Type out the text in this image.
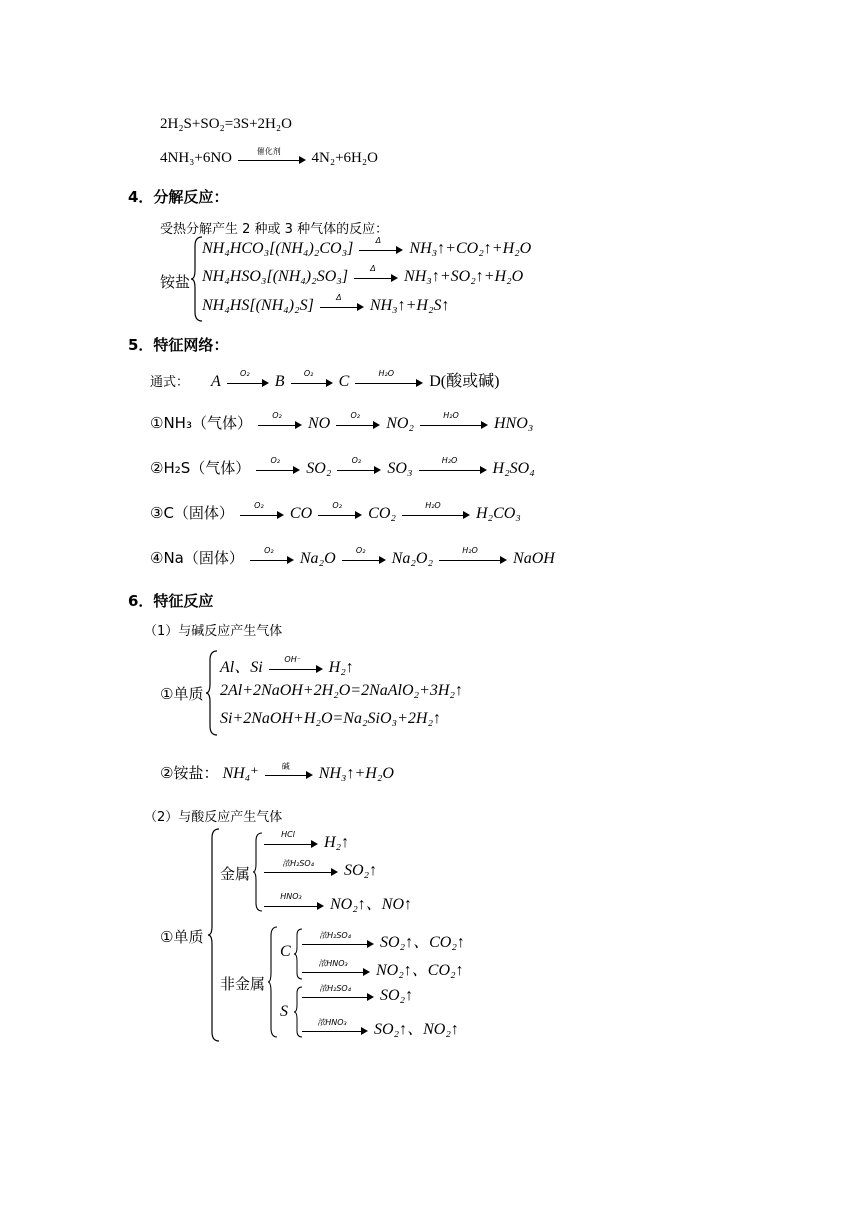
2H₂S+SO₂=3S+2H₂O
4NH₃+6NO	催化剂	4N₂+6H₂O
4．分解反应：
受热分解产生 2 种或 3 种气体的反应：
铵盐
NH₄HCO₃[(NH₄)₂CO₃]	Δ	NH₃↑+CO₂↑+H₂O
NH₄HSO₃[(NH₄)₂SO₃]	Δ	NH₃↑+SO₂↑+H₂O
NH₄HS[(NH₄)₂S]	Δ	NH₃↑+H₂S↑
5．特征网络：
通式： A	O₂	B	O₂	C	H₂O	D(酸或碱)
①NH₃（气体）	O₂	NO	O₂	NO₂	H₂O	HNO₃
②H₂S（气体）	O₂	SO₂	O₂	SO₃	H₂O	H₂SO₄
③C（固体）	O₂	CO	O₂	CO₂	H₂O	H₂CO₃
④Na（固体）	O₂	Na₂O	O₂	Na₂O₂	H₂O	NaOH
6．特征反应
（1）与碱反应产生气体
①单质
Al、Si	OH⁻	H₂↑
2Al+2NaOH+2H₂O=2NaAlO₂+3H₂↑
Si+2NaOH+H₂O=Na₂SiO₃+2H₂↑
②铵盐： NH₄⁺	碱	NH₃↑+H₂O
（2）与酸反应产生气体
①单质
金属
HCl	H₂↑
浓H₂SO₄	SO₂↑
HNO₃	NO₂↑、NO↑
非金属
C
浓H₂SO₄	SO₂↑、CO₂↑
浓HNO₃	NO₂↑、CO₂↑
S
浓H₂SO₄	SO₂↑
浓HNO₃	SO₂↑、NO₂↑
